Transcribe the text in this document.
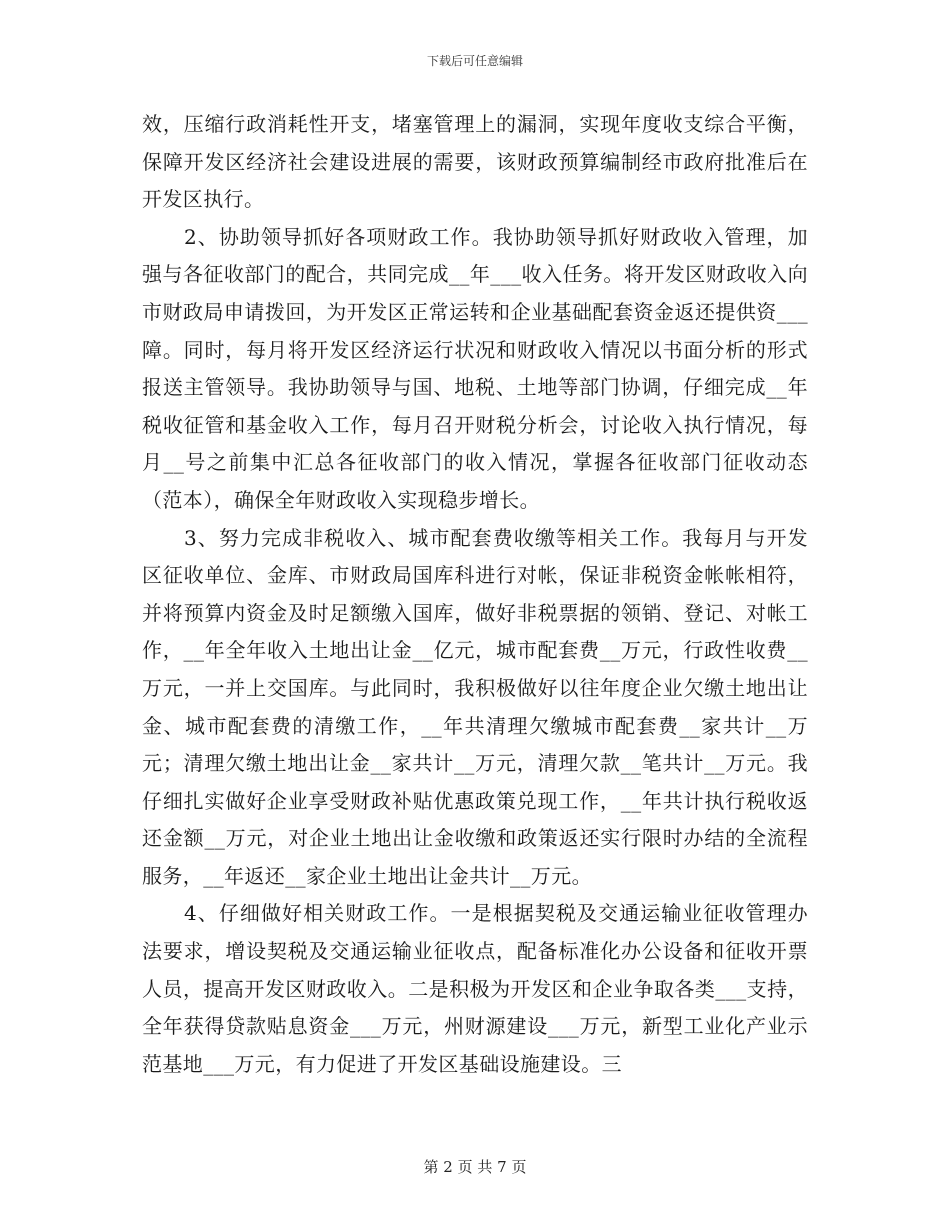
下载后可任意编辑

效，压缩行政消耗性开支，堵塞管理上的漏洞，实现年度收支综合平衡，保障开发区经济社会建设进展的需要，该财政预算编制经市政府批准后在开发区执行。

2、协助领导抓好各项财政工作。我协助领导抓好财政收入管理，加强与各征收部门的配合，共同完成__年___收入任务。将开发区财政收入向市财政局申请拨回，为开发区正常运转和企业基础配套资金返还提供资___障。同时，每月将开发区经济运行状况和财政收入情况以书面分析的形式报送主管领导。我协助领导与国、地税、土地等部门协调，仔细完成__年税收征管和基金收入工作，每月召开财税分析会，讨论收入执行情况，每月__号之前集中汇总各征收部门的收入情况，掌握各征收部门征收动态（范本），确保全年财政收入实现稳步增长。

3、努力完成非税收入、城市配套费收缴等相关工作。我每月与开发区征收单位、金库、市财政局国库科进行对帐，保证非税资金帐帐相符，并将预算内资金及时足额缴入国库，做好非税票据的领销、登记、对帐工作，__年全年收入土地出让金__亿元，城市配套费__万元，行政性收费__万元，一并上交国库。与此同时，我积极做好以往年度企业欠缴土地出让金、城市配套费的清缴工作，__年共清理欠缴城市配套费__家共计__万元；清理欠缴土地出让金__家共计__万元，清理欠款__笔共计__万元。我仔细扎实做好企业享受财政补贴优惠政策兑现工作，__年共计执行税收返还金额__万元，对企业土地出让金收缴和政策返还实行限时办结的全流程服务，__年返还__家企业土地出让金共计__万元。

4、仔细做好相关财政工作。一是根据契税及交通运输业征收管理办法要求，增设契税及交通运输业征收点，配备标准化办公设备和征收开票人员，提高开发区财政收入。二是积极为开发区和企业争取各类___支持，全年获得贷款贴息资金___万元，州财源建设___万元，新型工业化产业示范基地___万元，有力促进了开发区基础设施建设。三

第 2 页 共 7 页
